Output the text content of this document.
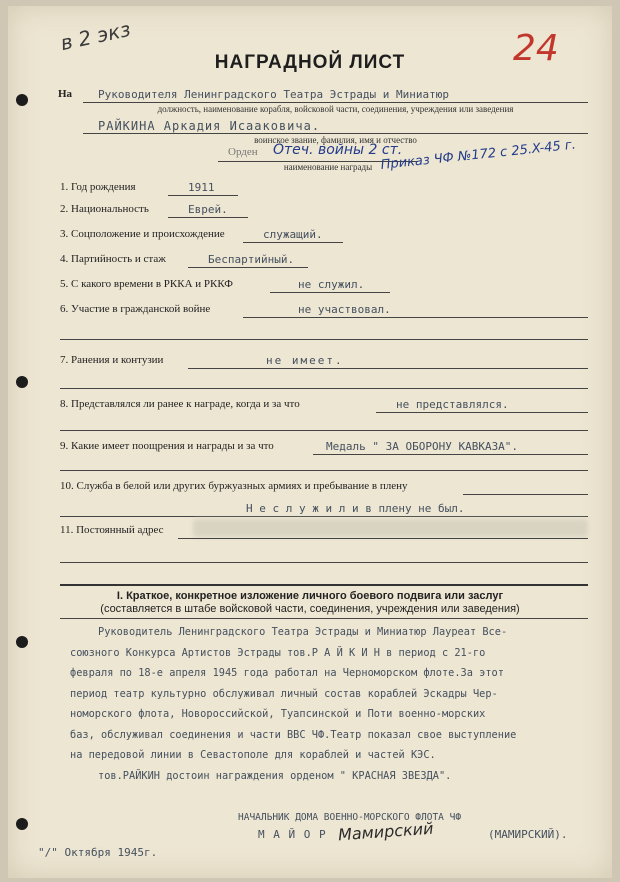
в 2 экз	24
НАГРАДНОЙ ЛИСТ
На Руководителя Ленинградского Театра Эстрады и Миниатюр
должность, наименование корабля, войсковой части, соединения, учреждения или заведения
РАЙКИНА Аркадия Исааковича.
воинское звание, фамилия, имя и отчество
Орден Отеч. войны 2 ст.
наименование награды Приказ ЧФ №172 с 25.X-45 г.
1. Год рождения	1911
2. Национальность	Еврей.
3. Соцположение и происхождение	служащий.
4. Партийность и стаж	Беспартийный.
5. С какого времени в РККА и РККФ	не служил.
6. Участие в гражданской войне	не участвовал.
7. Ранения и контузии	не имеет.
8. Представлялся ли ранее к награде, когда и за что	не представлялся.
9. Какие имеет поощрения и награды и за что	Медаль " ЗА ОБОРОНУ КАВКАЗА".
10. Служба в белой или других буржуазных армиях и пребывание в плену
Н е с л у ж и л и в плену не был.
11. Постоянный адрес
I. Краткое, конкретное изложение личного боевого подвига или заслуг
(составляется в штабе войсковой части, соединения, учреждения или заведения)
Руководитель Ленинградского Театра Эстрады и Миниатюр Лауреат Все-
союзного Конкурса Артистов Эстрады тов.Р А Й К И Н в период с 21-го
февраля по 18-е апреля 1945 года работал на Черноморском флоте.За этот
период театр культурно обслуживал личный состав кораблей Эскадры Чер-
номорского флота, Новороссийской, Туапсинской и Поти военно-морских
баз, обслуживал соединения и части ВВС ЧФ.Театр показал свое выступление
на передовой линии в Севастополе для кораблей и частей КЭС.
тов.РАЙКИН достоин награждения орденом " КРАСНАЯ ЗВЕЗДА".
НАЧАЛЬНИК ДОМА ВОЕННО-МОРСКОГО ФЛОТА ЧФ
М А Й О Р Мамирский	(МАМИРСКИЙ).
"/" Октября 1945г.
